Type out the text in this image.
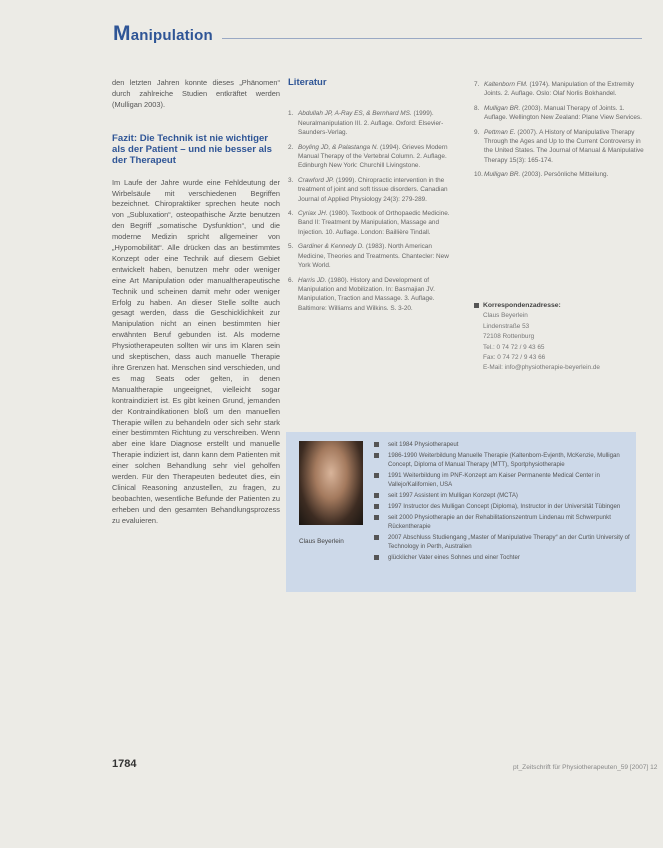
Manipulation

den letzten Jahren konnte dieses „Phänomen“ durch zahlreiche Studien entkräftet werden (Mulligan 2003).

Fazit: Die Technik ist nie wichtiger als der Patient – und nie besser als der Therapeut

Im Laufe der Jahre wurde eine Fehldeutung der Wirbelsäule mit verschiedenen Begriffen bezeichnet. Chiropraktiker sprechen heute noch von „Subluxation“, osteopathische Ärzte benutzen den Begriff „somatische Dysfunktion“, und die moderne Medizin spricht allgemeiner von „Hypomobilität“. Alle drücken das an bestimmtes Konzept oder eine Technik auf diesem Gebiet entwickelt haben, benutzen mehr oder weniger eine Art Manipulation oder manualtherapeutische Technik und scheinen damit mehr oder weniger Erfolg zu haben. An dieser Stelle sollte auch gesagt werden, dass die Geschicklichkeit zur Manipulation nicht an einen bestimmten hier erwähnten Beruf gebunden ist. Als moderne Physiotherapeuten sollten wir uns im Klaren sein und skeptischen, dass auch manuelle Therapie ihre Grenzen hat. Menschen sind verschieden, und es mag Seats oder gelten, in denen Manualtherapie ungeeignet, vielleicht sogar kontraindiziert ist. Es gibt keinen Grund, jemanden der Kontraindikationen bloß um den manuellen Therapie willen zu behandeln oder sich sehr stark einer bestimmten Richtung zu verschreiben. Wenn aber eine klare Diagnose erstellt und manuelle Therapie indiziert ist, dann kann dem Patienten mit einer solchen Behandlung sehr viel geholfen werden. Für den Therapeuten bedeutet dies, ein Clinical Reasoning anzustellen, zu fragen, zu beobachten, wesentliche Befunde der Patienten zu erheben und den gesamten Behandlungsprozess zu evaluieren.

Literatur
1. Abdullah JP, A-Ray ES, & Bernhard MS. (1999). Neuralmanipulation III. 2. Auflage. Oxford: Elsevier-Saunders-Verlag.
2. Boyling JD, & Palastanga N. (1994). Grieves Modern Manual Therapy of the Vertebral Column. 2. Auflage. Edinburgh New York: Churchill Livingstone.
3. Crawford JP. (1999). Chiropractic intervention in the treatment of joint and soft tissue disorders. Canadian Journal of Applied Physiology 24(3): 279-289.
4. Cyriax JH. (1980). Textbook of Orthopaedic Medicine. Band II: Treatment by Manipulation, Massage and Injection. 10. Auflage. London: Baillière Tindall.
5. Gardiner & Kennedy D. (1983). North American Medicine, Theories and Treatments. Chantecler: New York World.
6. Harris JD. (1980). History and Development of Manipulation and Mobilization. In: Basmajian JV. Manipulation, Traction and Massage. 3. Auflage. Baltimore: Williams and Wilkins. S. 3-20.
7. Kaltenborn FM. (1974). Manipulation of the Extremity Joints. 2. Auflage. Oslo: Olaf Norlis Bokhandel.
8. Mulligan BR. (2003). Manual Therapy of Joints. 1. Auflage. Wellington New Zealand: Plane View Services.
9. Pettman E. (2007). A History of Manipulative Therapy Through the Ages and Up to the Current Controversy in the United States. The Journal of Manual & Manipulative Therapy 15(3): 165-174.
10. Mulligan BR. (2003). Persönliche Mitteilung.
Korrespondenzadresse:
Claus Beyerlein
Lindenstraße 53
72108 Rottenburg
Tel.: 0 74 72 / 9 43 65
Fax: 0 74 72 / 9 43 66
E-Mail: info@physiotherapie-beyerlein.de
Claus Beyerlein
seit 1984 Physiotherapeut
1986-1990 Weiterbildung Manuelle Therapie (Kaltenborn-Evjenth, McKenzie, Mulligan Concept, Diploma of Manual Therapy (MTT), Sportphysiotherapie
1991 Weiterbildung im PNF-Konzept am Kaiser Permanente Medical Center in Vallejo/Kalifornien, USA
seit 1997 Assistent im Mulligan Konzept (MCTA)
1997 Instructor des Mulligan Concept (Diploma), Instructor in der Universität Tübingen
seit 2000 Physiotherapie an der Rehabilitationszentrum Lindenau mit Schwerpunkt Rückentherapie
2007 Abschluss Studiengang „Master of Manipulative Therapy“ an der Curtin University of Technology in Perth, Australien
glücklicher Vater eines Sohnes und einer Tochter
1784	pt_Zeitschrift für Physiotherapeuten_59 [2007] 12
